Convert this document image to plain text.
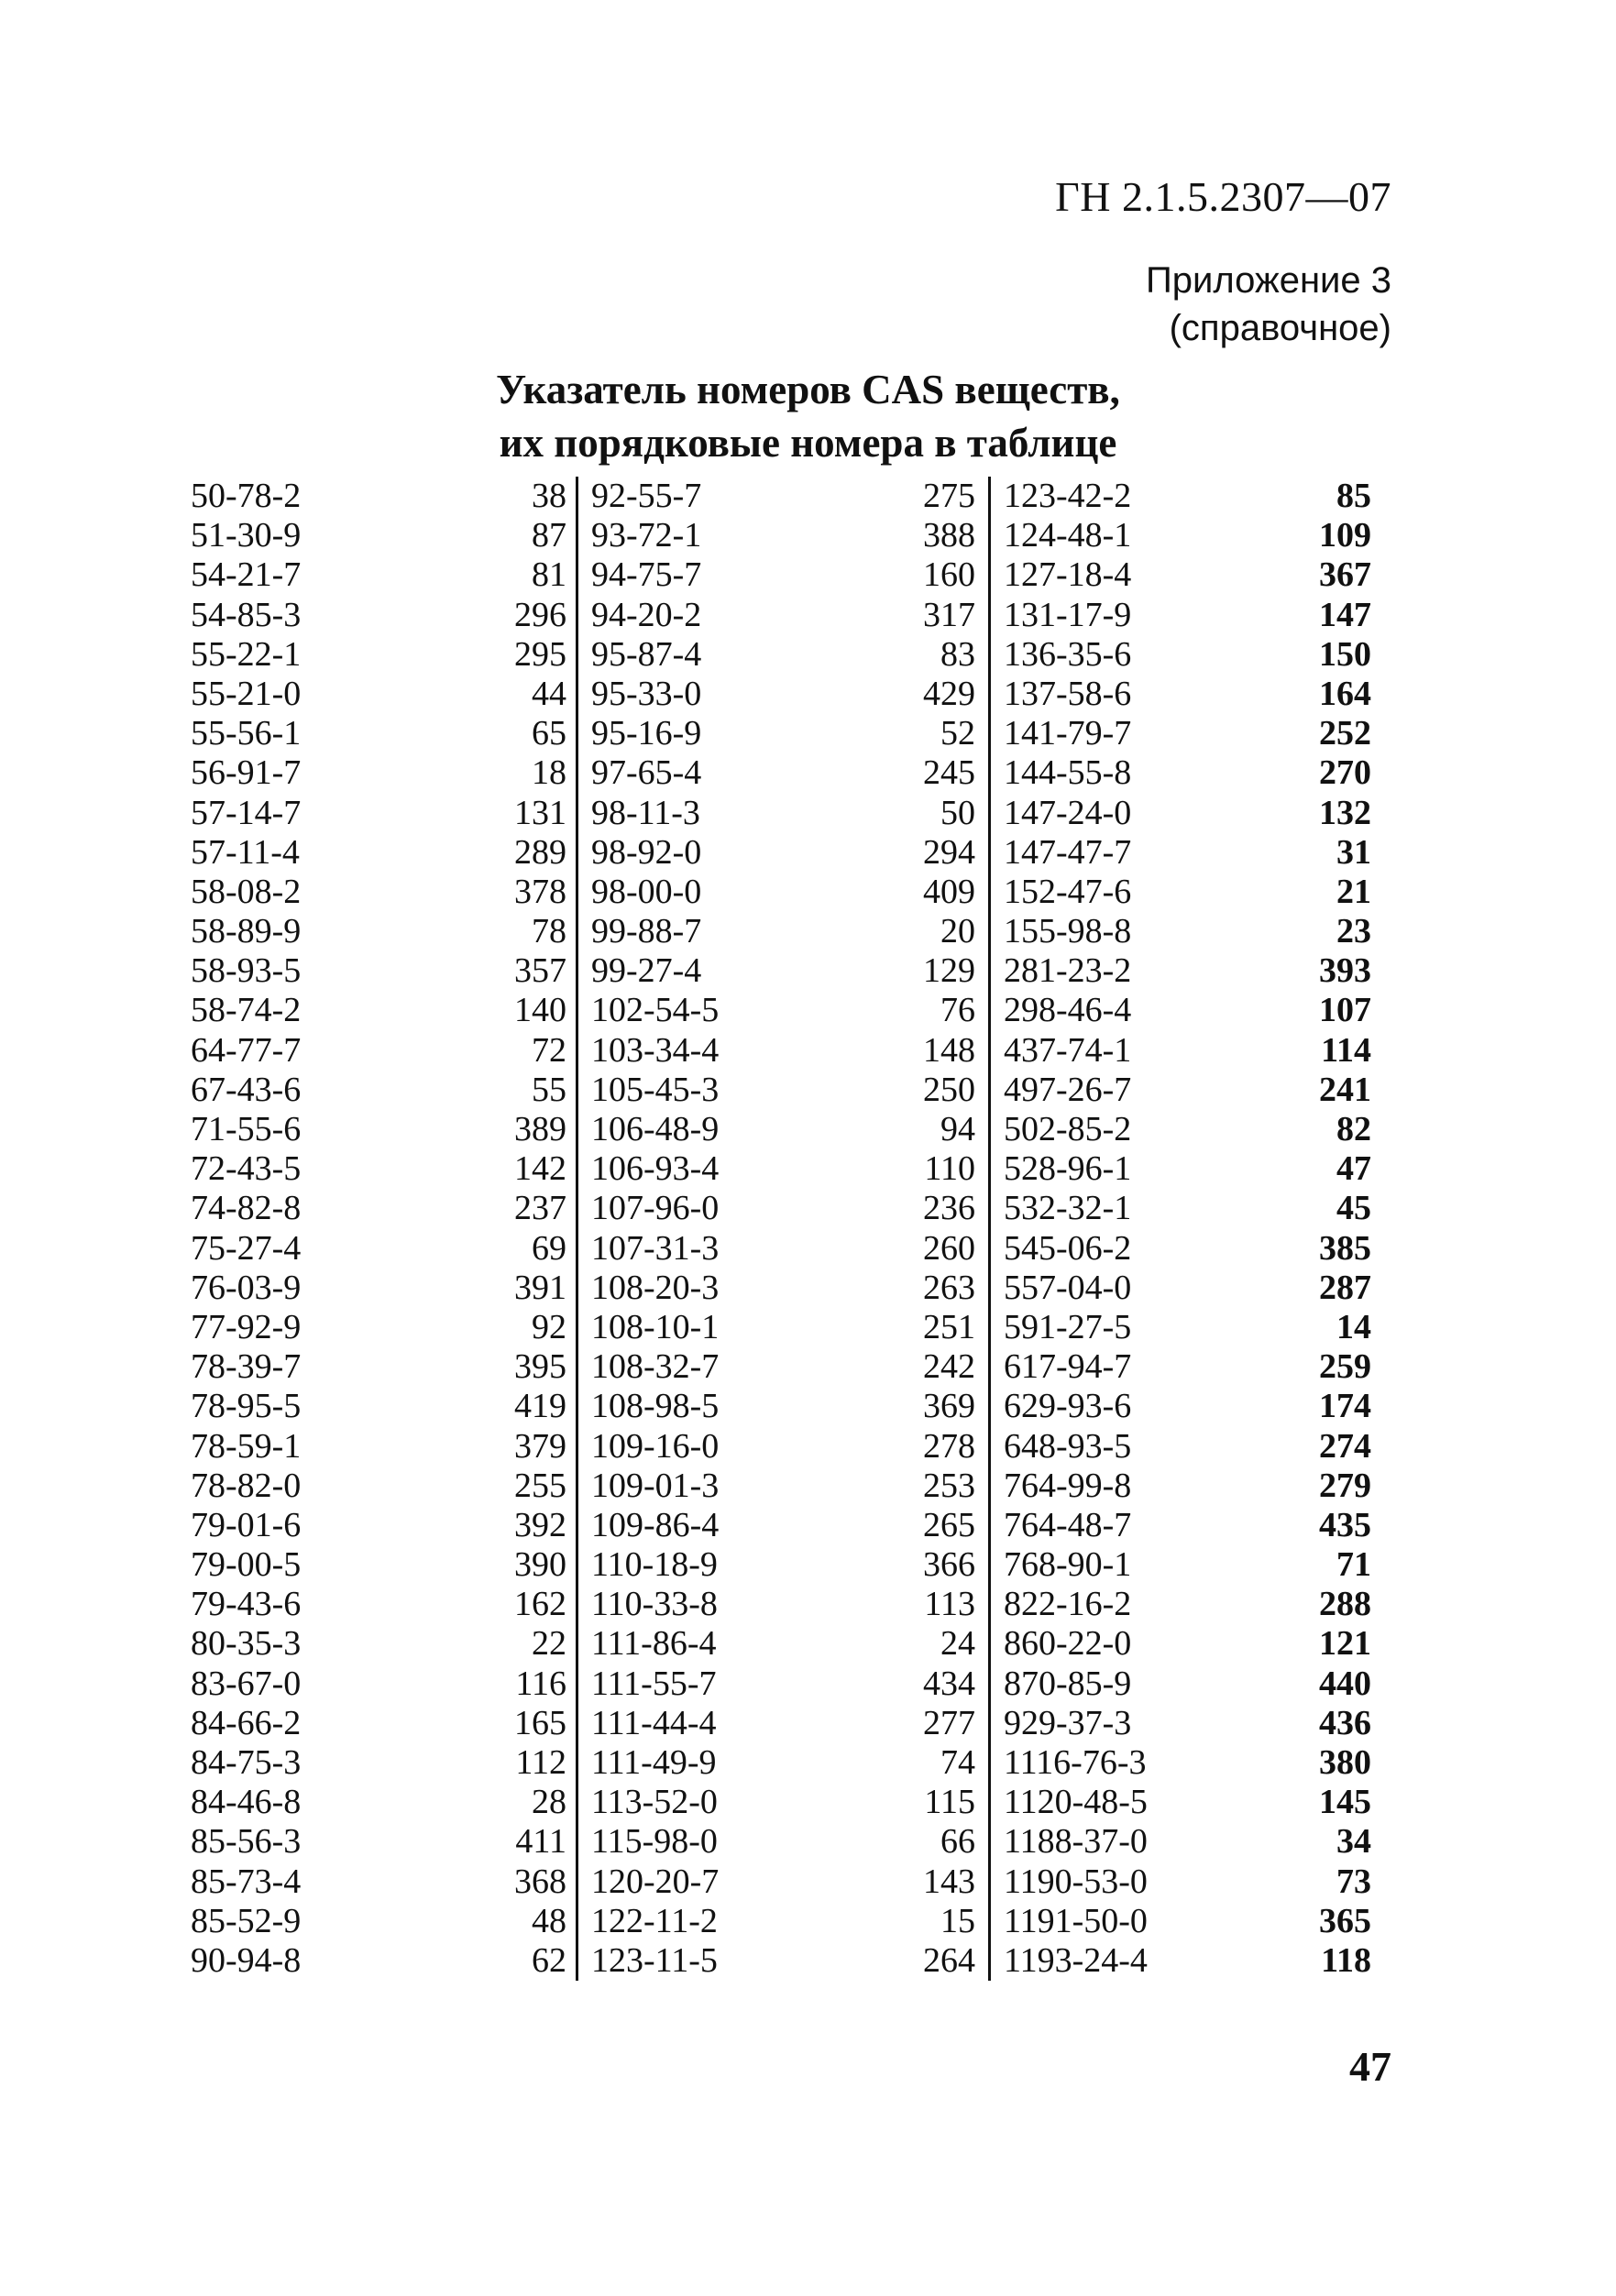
ГН 2.1.5.2307—07
Приложение 3
(справочное)
Указатель номеров CAS веществ,
их порядковые номера в таблице
50-78-2	38 92-55-7	275 123-42-2	85
51-30-9	87 93-72-1	388 124-48-1	109
54-21-7	81 94-75-7	160 127-18-4	367
54-85-3	296 94-20-2	317 131-17-9	147
55-22-1	295 95-87-4	83 136-35-6	150
55-21-0	44 95-33-0	429 137-58-6	164
55-56-1	65 95-16-9	52 141-79-7	252
56-91-7	18 97-65-4	245 144-55-8	270
57-14-7	131 98-11-3	50 147-24-0	132
57-11-4	289 98-92-0	294 147-47-7	31
58-08-2	378 98-00-0	409 152-47-6	21
58-89-9	78 99-88-7	20 155-98-8	23
58-93-5	357 99-27-4	129 281-23-2	393
58-74-2	140 102-54-5	76 298-46-4	107
64-77-7	72 103-34-4	148 437-74-1	114
67-43-6	55 105-45-3	250 497-26-7	241
71-55-6	389 106-48-9	94 502-85-2	82
72-43-5	142 106-93-4	110 528-96-1	47
74-82-8	237 107-96-0	236 532-32-1	45
75-27-4	69 107-31-3	260 545-06-2	385
76-03-9	391 108-20-3	263 557-04-0	287
77-92-9	92 108-10-1	251 591-27-5	14
78-39-7	395 108-32-7	242 617-94-7	259
78-95-5	419 108-98-5	369 629-93-6	174
78-59-1	379 109-16-0	278 648-93-5	274
78-82-0	255 109-01-3	253 764-99-8	279
79-01-6	392 109-86-4	265 764-48-7	435
79-00-5	390 110-18-9	366 768-90-1	71
79-43-6	162 110-33-8	113 822-16-2	288
80-35-3	22 111-86-4	24 860-22-0	121
83-67-0	116 111-55-7	434 870-85-9	440
84-66-2	165 111-44-4	277 929-37-3	436
84-75-3	112 111-49-9	74 1116-76-3	380
84-46-8	28 113-52-0	115 1120-48-5	145
85-56-3	411 115-98-0	66 1188-37-0	34
85-73-4	368 120-20-7	143 1190-53-0	73
85-52-9	48 122-11-2	15 1191-50-0	365
90-94-8	62 123-11-5	264 1193-24-4	118
47
